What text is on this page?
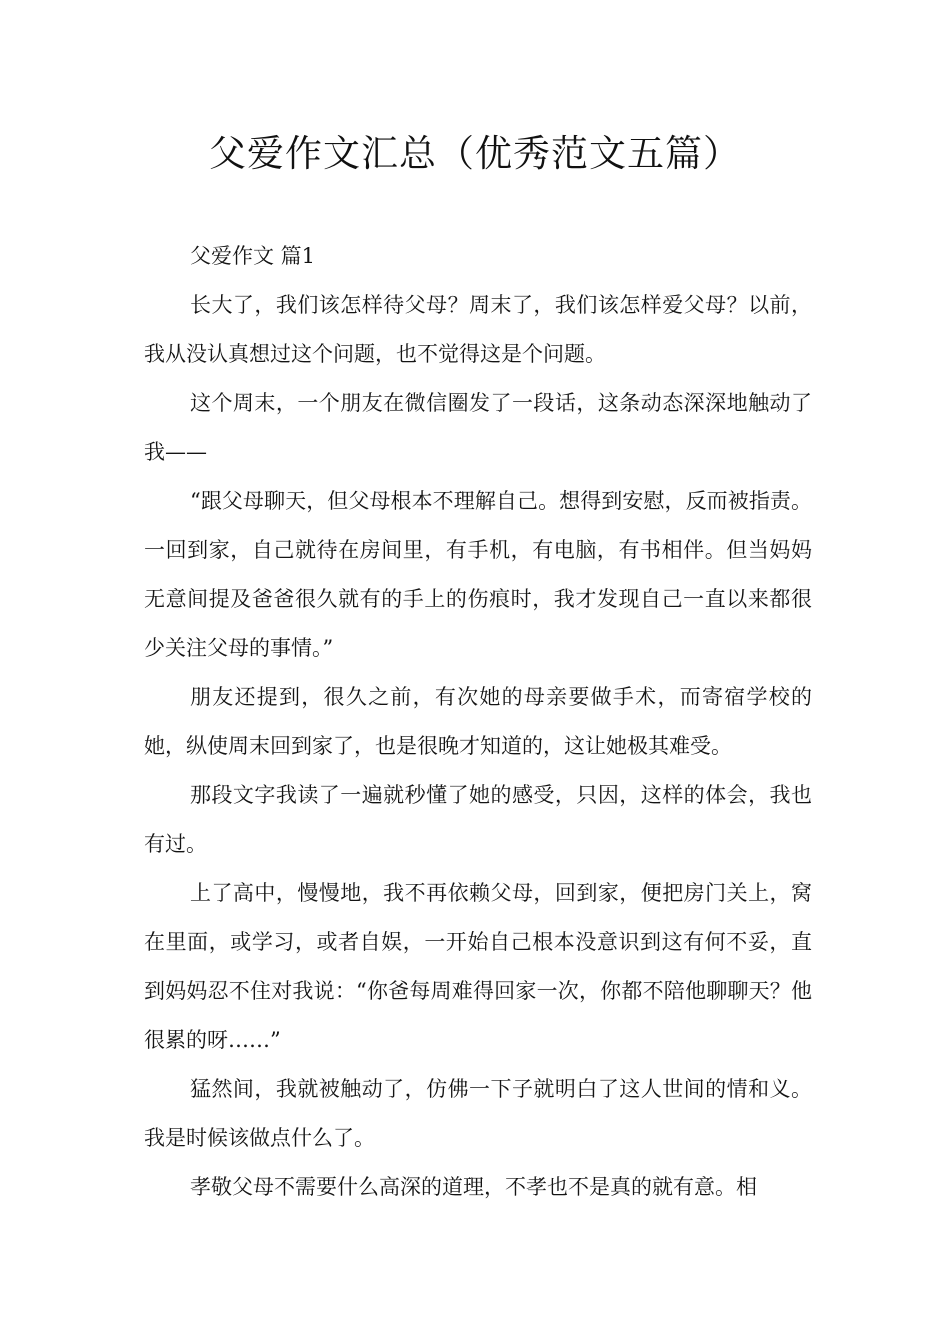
父爱作文汇总（优秀范文五篇）

父爱作文 篇1

长大了，我们该怎样待父母？周末了，我们该怎样爱父母？以前，我从没认真想过这个问题，也不觉得这是个问题。

这个周末，一个朋友在微信圈发了一段话，这条动态深深地触动了我——

“跟父母聊天，但父母根本不理解自己。想得到安慰，反而被指责。一回到家，自己就待在房间里，有手机，有电脑，有书相伴。但当妈妈无意间提及爸爸很久就有的手上的伤痕时，我才发现自己一直以来都很少关注父母的事情。”

朋友还提到，很久之前，有次她的母亲要做手术，而寄宿学校的她，纵使周末回到家了，也是很晚才知道的，这让她极其难受。

那段文字我读了一遍就秒懂了她的感受，只因，这样的体会，我也有过。

上了高中，慢慢地，我不再依赖父母，回到家，便把房门关上，窝在里面，或学习，或者自娱，一开始自己根本没意识到这有何不妥，直到妈妈忍不住对我说：“你爸每周难得回家一次，你都不陪他聊聊天？他很累的呀……”

猛然间，我就被触动了，仿佛一下子就明白了这人世间的情和义。我是时候该做点什么了。

孝敬父母不需要什么高深的道理，不孝也不是真的就有意。相
